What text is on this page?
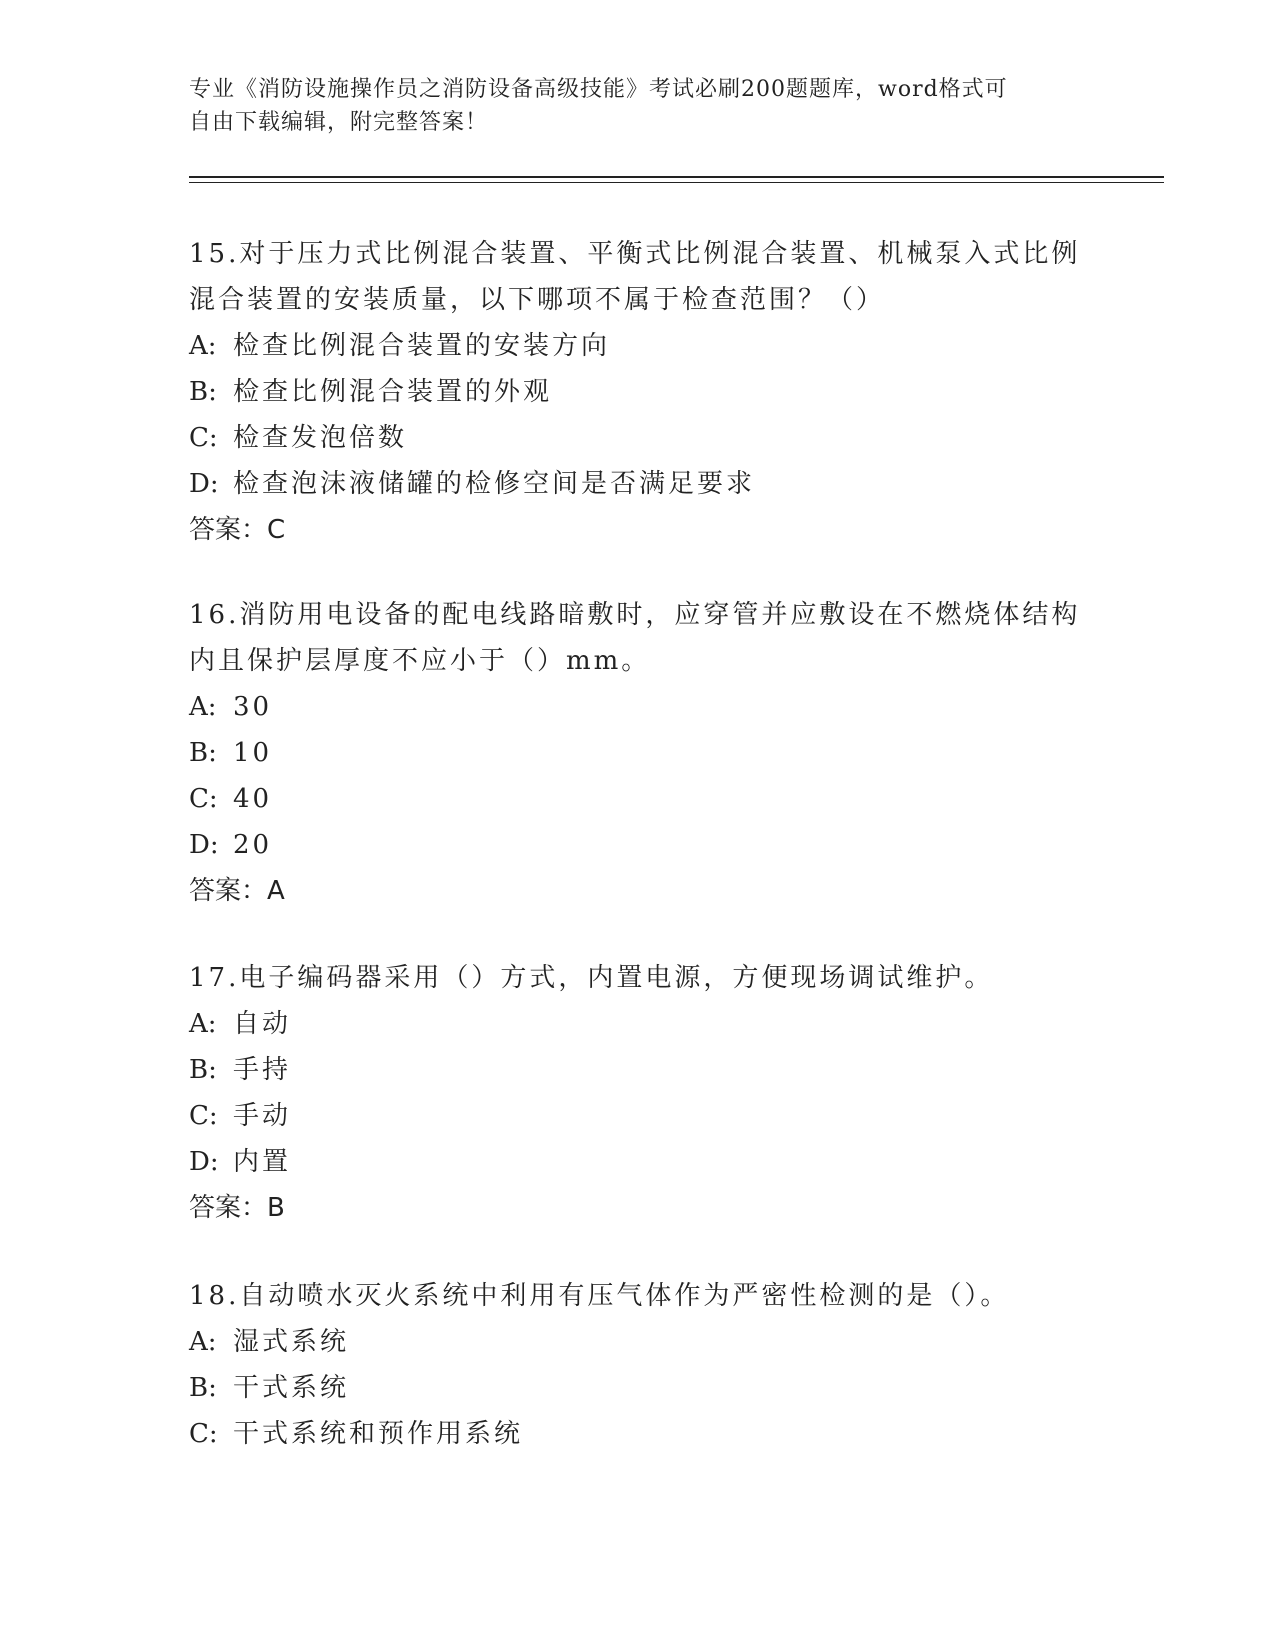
专业《消防设施操作员之消防设备高级技能》考试必刷200题题库，word格式可
自由下载编辑，附完整答案！
15.对于压力式比例混合装置、平衡式比例混合装置、机械泵入式比例
混合装置的安装质量，以下哪项不属于检查范围？（）
A: 检查比例混合装置的安装方向
B: 检查比例混合装置的外观
C: 检查发泡倍数
D: 检查泡沫液储罐的检修空间是否满足要求
答案：C
16.消防用电设备的配电线路暗敷时，应穿管并应敷设在不燃烧体结构
内且保护层厚度不应小于（）mm。
A: 30
B: 10
C: 40
D: 20
答案：A
17.电子编码器采用（）方式，内置电源，方便现场调试维护。
A: 自动
B: 手持
C: 手动
D: 内置
答案：B
18.自动喷水灭火系统中利用有压气体作为严密性检测的是（）。
A: 湿式系统
B: 干式系统
C: 干式系统和预作用系统
